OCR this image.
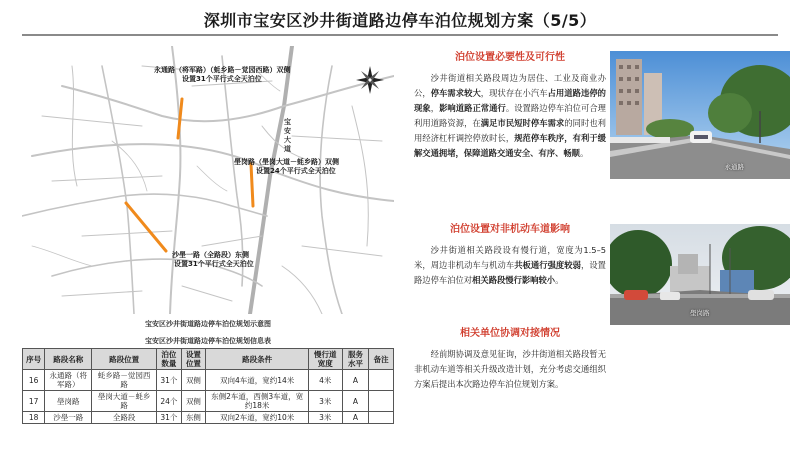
深圳市宝安区沙井街道路边停车泊位规划方案（5/5）
永通路（将军路）（蚝乡路－觉园西路）双侧
设置31个平行式全天泊位
壆岗路（壆岗大道－蚝乡路）双侧
设置24个平行式全天泊位
沙壆一路（全路段）东侧
设置31个平行式全天泊位
宝安大道
宝安区沙井街道路边停车泊位规划示意图
宝安区沙井街道路边停车泊位规划信息表
序号	路段名称	路段位置	泊位数量	设置位置	路段条件	慢行道宽度	服务水平	备注
16	永通路（将军路）	蚝乡路－觉园西路	31个	双侧	双向4车道，宽约14米	4米	A	
17	壆岗路	壆岗大道－蚝乡路	24个	双侧	东侧2车道，西侧3车道，宽约18米	3米	A	
18	沙壆一路	全路段	31个	东侧	双向2车道，宽约10米	3米	A	
泊位设置必要性及可行性

沙井街道相关路段周边为居住、工业及商业办公，停车需求较大，现状存在小汽车占用道路违停的现象，影响道路正常通行。设置路边停车泊位可合理利用道路资源，在满足市民短时停车需求的同时也利用经济杠杆调控停放时长，规范停车秩序，有利于缓解交通拥堵，保障道路交通安全、有序、畅顺。

泊位设置对非机动车道影响

沙井街道相关路段设有慢行道，宽度为1.5–5米，周边非机动车与机动车共板通行强度较弱，设置路边停车泊位对相关路段慢行影响较小。

相关单位协调对接情况

经前期协调及意见征询，沙井街道相关路段暂无非机动车道等相关升级改造计划，充分考虑交通组织方案后提出本次路边停车泊位规划方案。

永通路
壆岗路
